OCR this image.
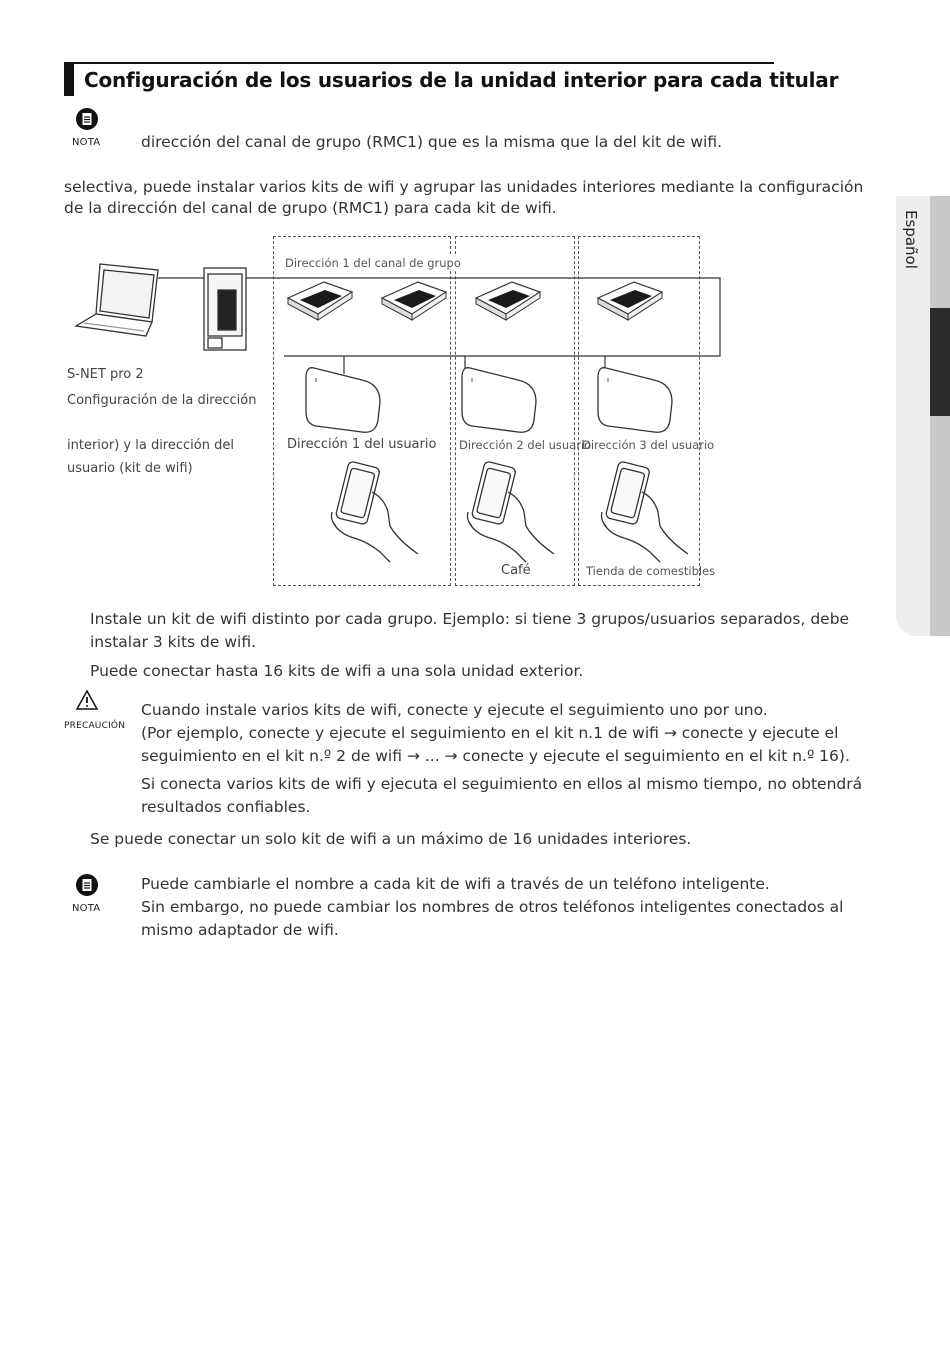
Español
Configuración de los usuarios de la unidad interior para cada titular
NOTA	dirección del canal de grupo (RMC1) que es la misma que la del kit de wifi.
selectiva, puede instalar varios kits de wifi y agrupar las unidades interiores mediante la configuración de la dirección del canal de grupo (RMC1) para cada kit de wifi.
Dirección 1 del canal de grupo
S-NET pro 2
Configuración de la dirección
interior) y la dirección del
usuario (kit de wifi)
Dirección 1 del usuario Dirección 2 del usuario
Dirección 3 del usuario
Café	Tienda de comestibles
Instale un kit de wifi distinto por cada grupo. Ejemplo: si tiene 3 grupos/usuarios separados, debe instalar 3 kits de wifi.
Puede conectar hasta 16 kits de wifi a una sola unidad exterior.
PRECAUCIÓN
Cuando instale varios kits de wifi, conecte y ejecute el seguimiento uno por uno.
(Por ejemplo, conecte y ejecute el seguimiento en el kit n.1 de wifi → conecte y ejecute el seguimiento en el kit n.º 2 de wifi → ... → conecte y ejecute el seguimiento en el kit n.º 16).
Si conecta varios kits de wifi y ejecuta el seguimiento en ellos al mismo tiempo, no obtendrá resultados confiables.
Se puede conectar un solo kit de wifi a un máximo de 16 unidades interiores.
NOTA
Puede cambiarle el nombre a cada kit de wifi a través de un teléfono inteligente.
Sin embargo, no puede cambiar los nombres de otros teléfonos inteligentes conectados al mismo adaptador de wifi.
